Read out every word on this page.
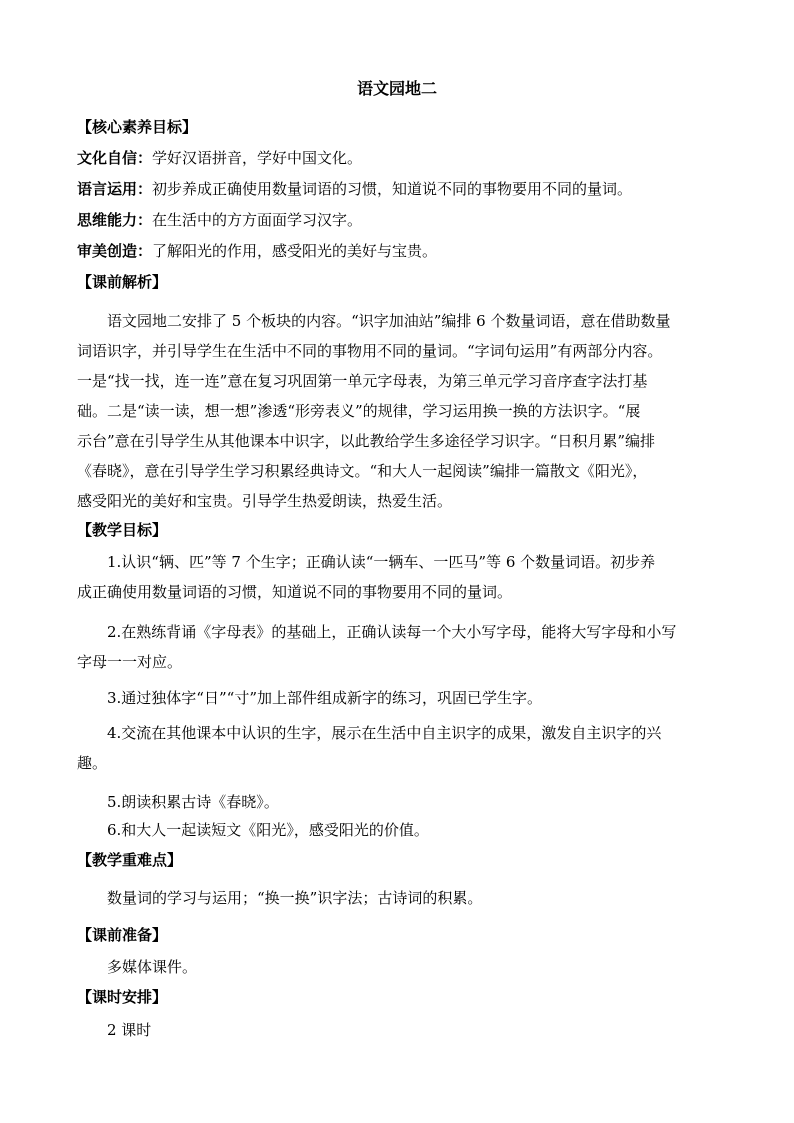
语文园地二
【核心素养目标】
文化自信：学好汉语拼音，学好中国文化。
语言运用：初步养成正确使用数量词语的习惯，知道说不同的事物要用不同的量词。
思维能力：在生活中的方方面面学习汉字。
审美创造：了解阳光的作用，感受阳光的美好与宝贵。
【课前解析】
语文园地二安排了 5 个板块的内容。“识字加油站”编排 6 个数量词语，意在借助数量
词语识字，并引导学生在生活中不同的事物用不同的量词。“字词句运用”有两部分内容。
一是“找一找，连一连”意在复习巩固第一单元字母表，为第三单元学习音序查字法打基
础。二是“读一读，想一想”渗透“形旁表义”的规律，学习运用换一换的方法识字。“展
示台”意在引导学生从其他课本中识字，以此教给学生多途径学习识字。“日积月累”编排
《春晓》，意在引导学生学习积累经典诗文。“和大人一起阅读”编排一篇散文《阳光》，
感受阳光的美好和宝贵。引导学生热爱朗读，热爱生活。
【教学目标】
1.认识“辆、匹”等 7 个生字；正确认读“一辆车、一匹马”等 6 个数量词语。初步养
成正确使用数量词语的习惯，知道说不同的事物要用不同的量词。
2.在熟练背诵《字母表》的基础上，正确认读每一个大小写字母，能将大写字母和小写
字母一一对应。
3.通过独体字“日”“寸”加上部件组成新字的练习，巩固已学生字。
4.交流在其他课本中认识的生字，展示在生活中自主识字的成果，激发自主识字的兴
趣。
5.朗读积累古诗《春晓》。
6.和大人一起读短文《阳光》，感受阳光的价值。
【教学重难点】
数量词的学习与运用；“换一换”识字法；古诗词的积累。
【课前准备】
多媒体课件。
【课时安排】
2 课时
